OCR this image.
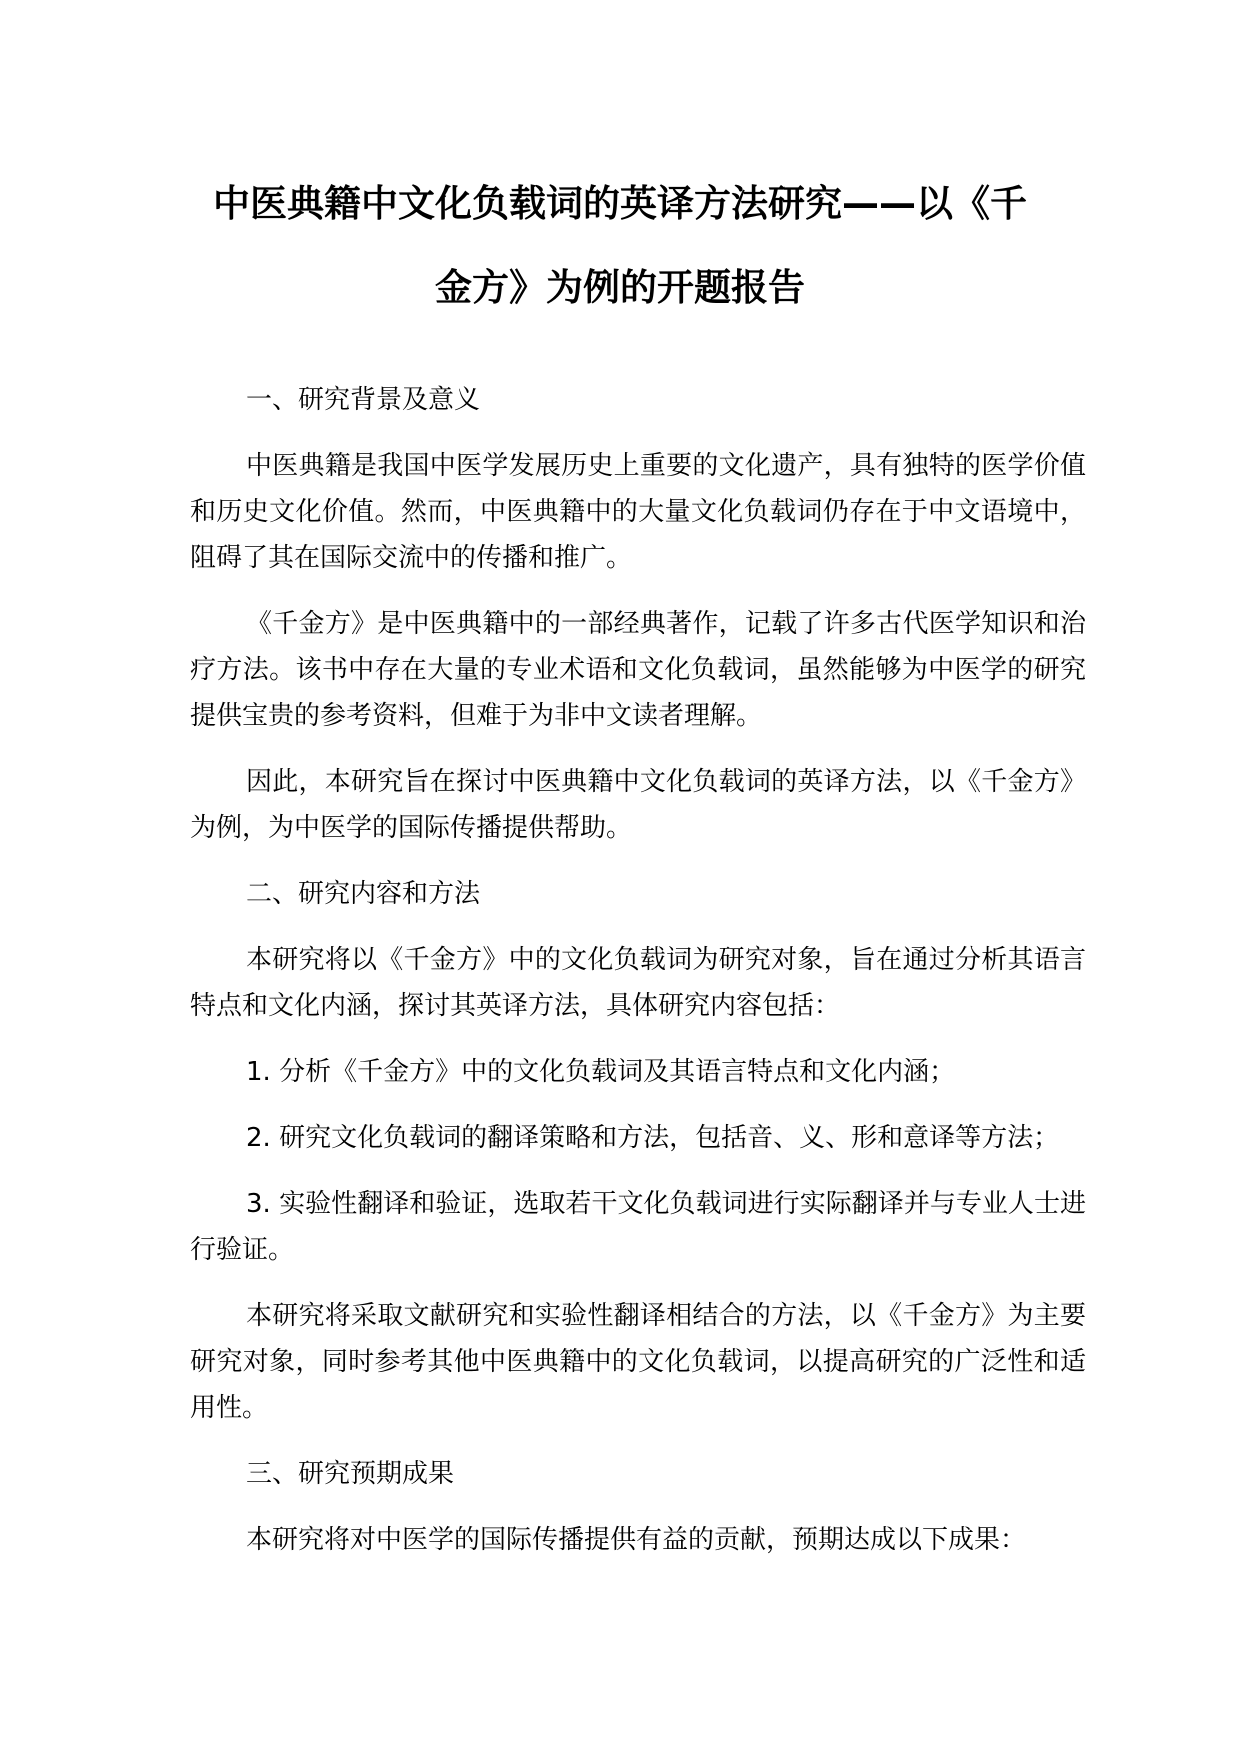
中医典籍中文化负载词的英译方法研究——以《千
金方》为例的开题报告
一、研究背景及意义

中医典籍是我国中医学发展历史上重要的文化遗产，具有独特的医学价值和历史文化价值。然而，中医典籍中的大量文化负载词仍存在于中文语境中，阻碍了其在国际交流中的传播和推广。

《千金方》是中医典籍中的一部经典著作，记载了许多古代医学知识和治疗方法。该书中存在大量的专业术语和文化负载词，虽然能够为中医学的研究提供宝贵的参考资料，但难于为非中文读者理解。

因此，本研究旨在探讨中医典籍中文化负载词的英译方法，以《千金方》为例，为中医学的国际传播提供帮助。

二、研究内容和方法

本研究将以《千金方》中的文化负载词为研究对象，旨在通过分析其语言特点和文化内涵，探讨其英译方法，具体研究内容包括：

1. 分析《千金方》中的文化负载词及其语言特点和文化内涵；

2. 研究文化负载词的翻译策略和方法，包括音、义、形和意译等方法；

3. 实验性翻译和验证，选取若干文化负载词进行实际翻译并与专业人士进行验证。

本研究将采取文献研究和实验性翻译相结合的方法，以《千金方》为主要研究对象，同时参考其他中医典籍中的文化负载词，以提高研究的广泛性和适用性。

三、研究预期成果

本研究将对中医学的国际传播提供有益的贡献，预期达成以下成果：
